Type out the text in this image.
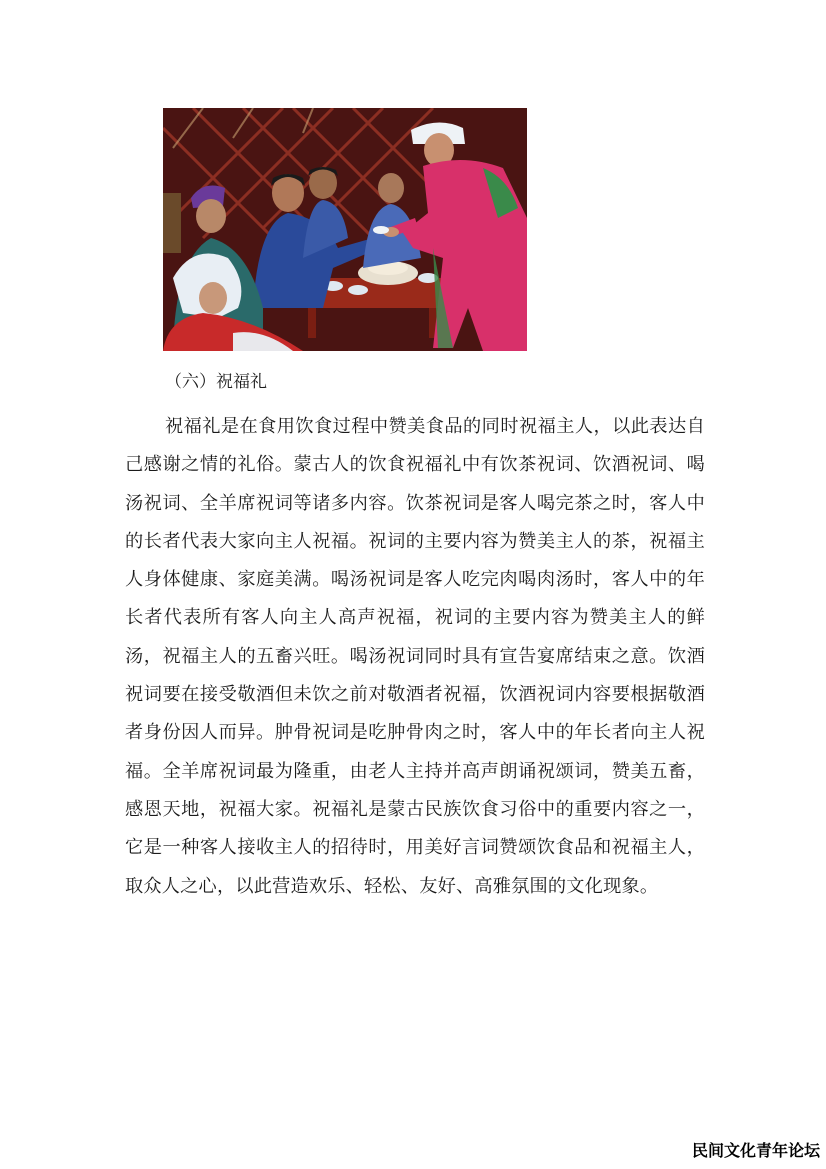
（六）祝福礼

祝福礼是在食用饮食过程中赞美食品的同时祝福主人，以此表达自己感谢之情的礼俗。蒙古人的饮食祝福礼中有饮茶祝词、饮酒祝词、喝汤祝词、全羊席祝词等诸多内容。饮茶祝词是客人喝完茶之时，客人中的长者代表大家向主人祝福。祝词的主要内容为赞美主人的茶，祝福主人身体健康、家庭美满。喝汤祝词是客人吃完肉喝肉汤时，客人中的年长者代表所有客人向主人高声祝福，祝词的主要内容为赞美主人的鲜汤，祝福主人的五畜兴旺。喝汤祝词同时具有宣告宴席结束之意。饮酒祝词要在接受敬酒但未饮之前对敬酒者祝福，饮酒祝词内容要根据敬酒者身份因人而异。肿骨祝词是吃肿骨肉之时，客人中的年长者向主人祝福。全羊席祝词最为隆重，由老人主持并高声朗诵祝颂词，赞美五畜，感恩天地，祝福大家。祝福礼是蒙古民族饮食习俗中的重要内容之一，它是一种客人接收主人的招待时，用美好言词赞颂饮食品和祝福主人，取众人之心，以此营造欢乐、轻松、友好、高雅氛围的文化现象。

民间文化青年论坛
